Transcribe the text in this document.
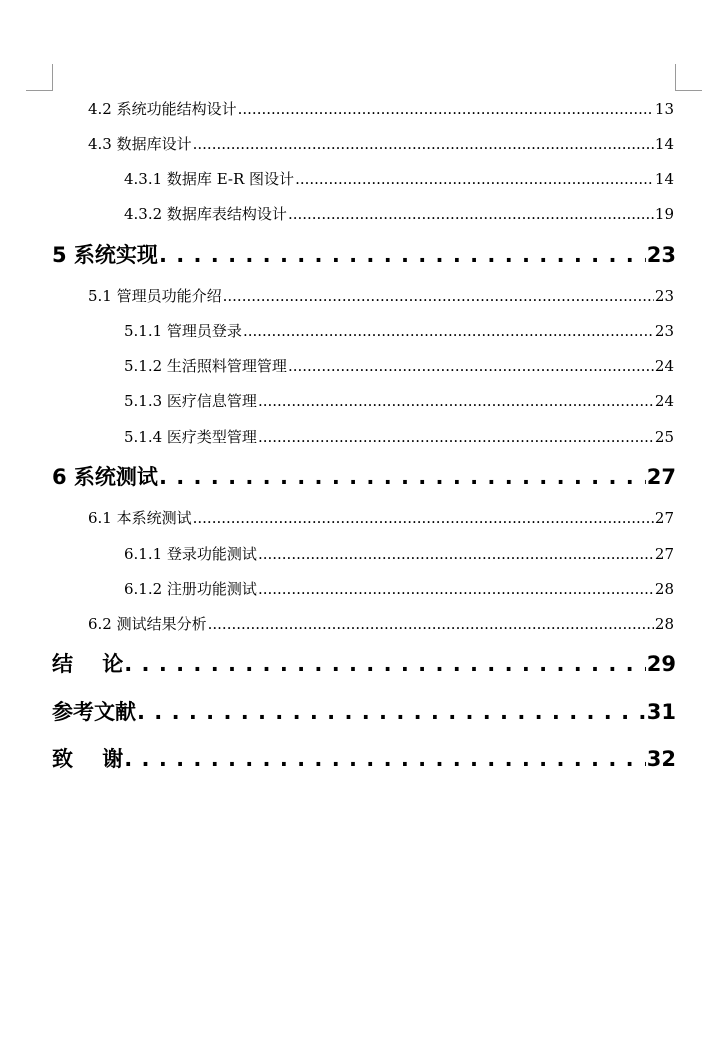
4.2 系统功能结构设计 .....	13
4.3 数据库设计 .....	14
4.3.1 数据库 E-R 图设计 .....	14
4.3.2 数据库表结构设计 .....	19
5 系统实现 . . .	23
5.1 管理员功能介绍 .....	23
5.1.1 管理员登录 .....	23
5.1.2 生活照料管理管理 .....	24
5.1.3 医疗信息管理 .....	24
5.1.4 医疗类型管理 .....	25
6 系统测试 . . .	27
6.1 本系统测试 .....	27
6.1.1 登录功能测试 .....	27
6.1.2 注册功能测试 .....	28
6.2 测试结果分析 .....	28
结    论 . . .	29
参考文献 . . .	31
致    谢 . . .	32
